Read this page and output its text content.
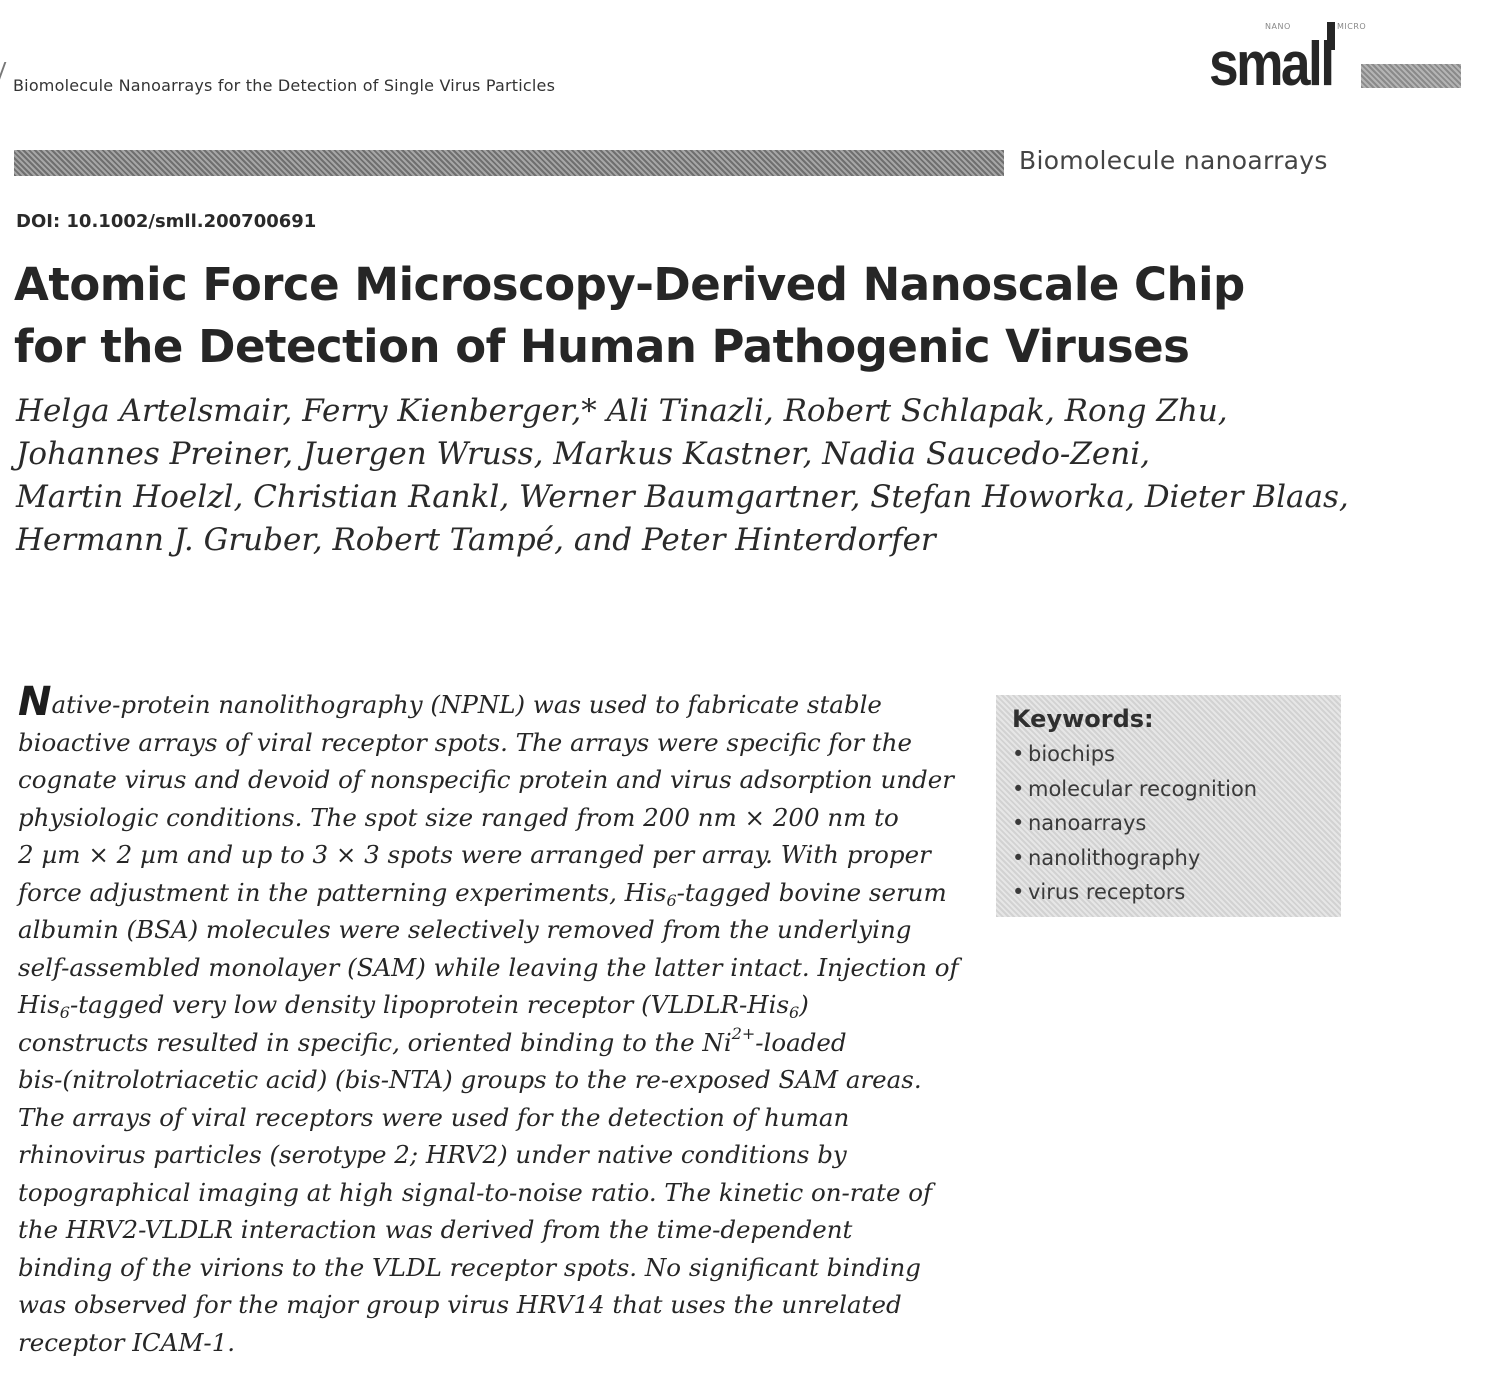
Biomolecule Nanoarrays for the Detection of Single Virus Particles
NANO	MICRO
small
Biomolecule nanoarrays
DOI: 10.1002/smll.200700691
Atomic Force Microscopy-Derived Nanoscale Chip
for the Detection of Human Pathogenic Viruses
Helga Artelsmair, Ferry Kienberger,* Ali Tinazli, Robert Schlapak, Rong Zhu,
Johannes Preiner, Juergen Wruss, Markus Kastner, Nadia Saucedo-Zeni,
Martin Hoelzl, Christian Rankl, Werner Baumgartner, Stefan Howorka, Dieter Blaas,
Hermann J. Gruber, Robert Tampé, and Peter Hinterdorfer
Native-protein nanolithography (NPNL) was used to fabricate stable
bioactive arrays of viral receptor spots. The arrays were specific for the
cognate virus and devoid of nonspecific protein and virus adsorption under
physiologic conditions. The spot size ranged from 200 nm × 200 nm to
2 µm × 2 µm and up to 3 × 3 spots were arranged per array. With proper
force adjustment in the patterning experiments, His$_6$-tagged bovine serum
albumin (BSA) molecules were selectively removed from the underlying
self-assembled monolayer (SAM) while leaving the latter intact. Injection of
His$_6$-tagged very low density lipoprotein receptor (VLDLR-His$_6$)
constructs resulted in specific, oriented binding to the $Ni^{2+}$-loaded
bis-(nitrolotriacetic acid) (bis-NTA) groups to the re-exposed SAM areas.
The arrays of viral receptors were used for the detection of human
rhinovirus particles (serotype 2; HRV2) under native conditions by
topographical imaging at high signal-to-noise ratio. The kinetic on-rate of
the HRV2-VLDLR interaction was derived from the time-dependent
binding of the virions to the VLDL receptor spots. No significant binding
was observed for the major group virus HRV14 that uses the unrelated
receptor ICAM-1.
Keywords:
• biochips
• molecular recognition
• nanoarrays
• nanolithography
• virus receptors
